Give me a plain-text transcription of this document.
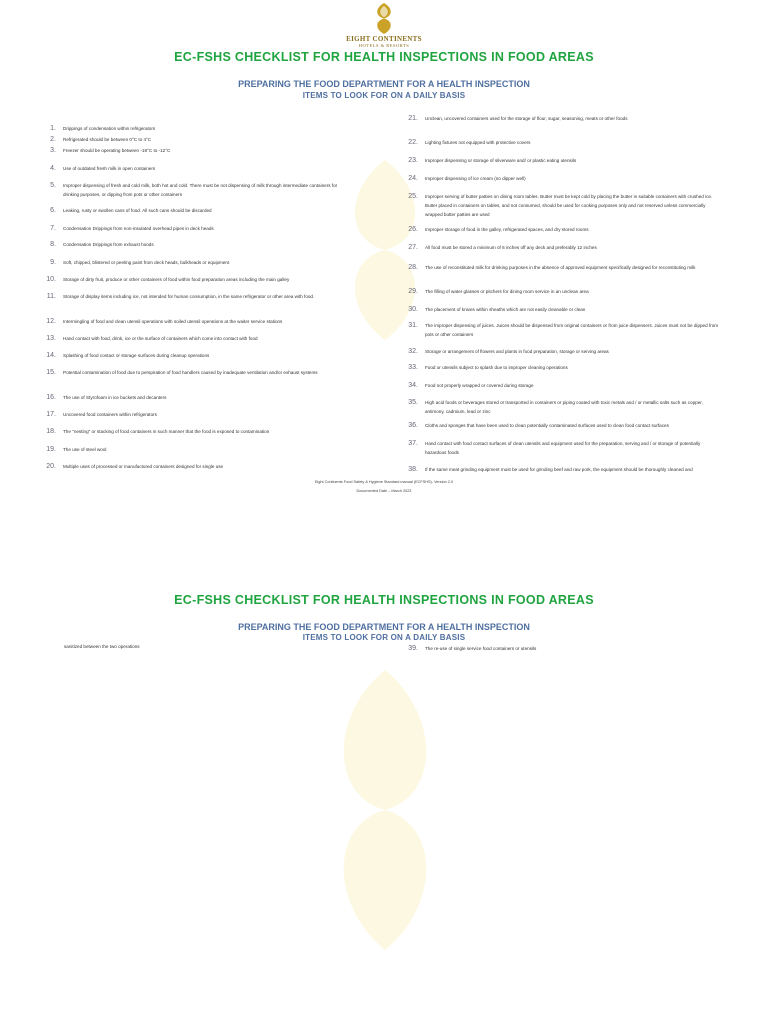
EIGHT CONTINENTS
HOTELS & RESORTS
EC-FSHS CHECKLIST FOR HEALTH INSPECTIONS IN FOOD AREAS
PREPARING THE FOOD DEPARTMENT FOR A HEALTH INSPECTION
ITEMS TO LOOK FOR ON A DAILY BASIS
1.	Drippings of condensation within refrigerators
2.	Refrigerated should be between 0°C to 4°C
3.	Freezer should be operating between -18°C to -12°C
4.	Use of outdated fresh milk in open containers
5.	Improper dispensing of fresh and cold milk, both hot and cold. There must be not dispensing of milk through intermediate containers for drinking purposes, or dipping from pots or other containers
6.	Leaking, rusty or swollen cans of food. All such cans should be discarded
7.	Condensation Drippings from non-insulated overhead pipes in deck heads
8.	Condensation Drippings from exhaust hoods
9.	Soft, chipped, blistered or peeling paint from deck heads, bulkheads or equipment
10.	Storage of dirty fruit, produce or other containers of food within food preparation areas including the main galley
11.	Storage of display items including ice, not intended for human consumption, in the same refrigerator or other area with food.
12.	Intermingling of food and clean utensil operations with soiled utensil operations at the waiter service stations
13.	Hand contact with food, drink, ice or the surface of containers which come into contact with food
14.	Splashing of food contact or storage surfaces during cleanup operations
15.	Potential contamination of food due to perspiration of food handlers caused by inadequate ventilation and/or exhaust systems
16.	The use of Styrofoam in ice buckets and decanters
17.	Uncovered food containers within refrigerators
18.	The "nesting" or stacking of food containers in such manner that the food is exposed to contamination
19.	The use of steel wool
20.	Multiple uses of processed or manufactured containers designed for single use
21.	Unclean, uncovered containers used for the storage of flour, sugar, seasoning, meats or other foods
22.	Lighting fixtures not equipped with protective covers
23.	Improper dispensing or storage of silverware and/ or plastic eating utensils
24.	Improper dispensing of ice cream (no dipper well)
25.	Improper serving of butter patties on dining room tables. Butter must be kept cold by placing the butter in suitable containers with crushed ice. Butter placed in containers on tables, and not consumed, should be used for cooking purposes only and not reserved unless commercially wrapped butter patties are used
26.	Improper storage of food in the galley, refrigerated spaces, and dry stored rooms
27.	All food must be stored a minimum of 6 inches off any deck and preferably 12 inches
28.	The use of reconstituted milk for drinking purposes in the absence of approved equipment specifically designed for reconstituting milk
29.	The filling of water glasses or pitchers for dining room service in an unclean area
30.	The placement of knives within sheaths which are not easily cleanable or clean
31.	The improper dispensing of juices. Juices should be dispensed from original containers or from juice dispensers. Juices must not be dipped from pots or other containers
32.	Storage or arrangement of flowers and plants in food preparation, storage or serving areas
33.	Food or utensils subject to splash due to improper cleaning operations
34.	Food not properly wrapped or covered during storage
35.	High acid foods or beverages stored or transported in containers or piping coated with toxic metals and / or metallic salts such as copper, antimony, cadmium, lead or zinc
36.	Cloths and sponges that have been used to clean potentially contaminated surfaces used to clean food contact surfaces
37.	Hand contact with food contact surfaces of clean utensils and equipment used for the preparation, serving and / or storage of potentially hazardous foods
38.	If the same meat grinding equipment must be used for grinding beef and raw pork, the equipment should be thoroughly cleaned and
Eight Continents Food Safety & Hygiene Standard manual (ECFSHS)- Version 2.0
Documented Date – March 2023
EC-FSHS CHECKLIST FOR HEALTH INSPECTIONS IN FOOD AREAS
PREPARING THE FOOD DEPARTMENT FOR A HEALTH INSPECTION
ITEMS TO LOOK FOR ON A DAILY BASIS
sanitized between the two operations	39.	The re-use of single service food containers or utensils
